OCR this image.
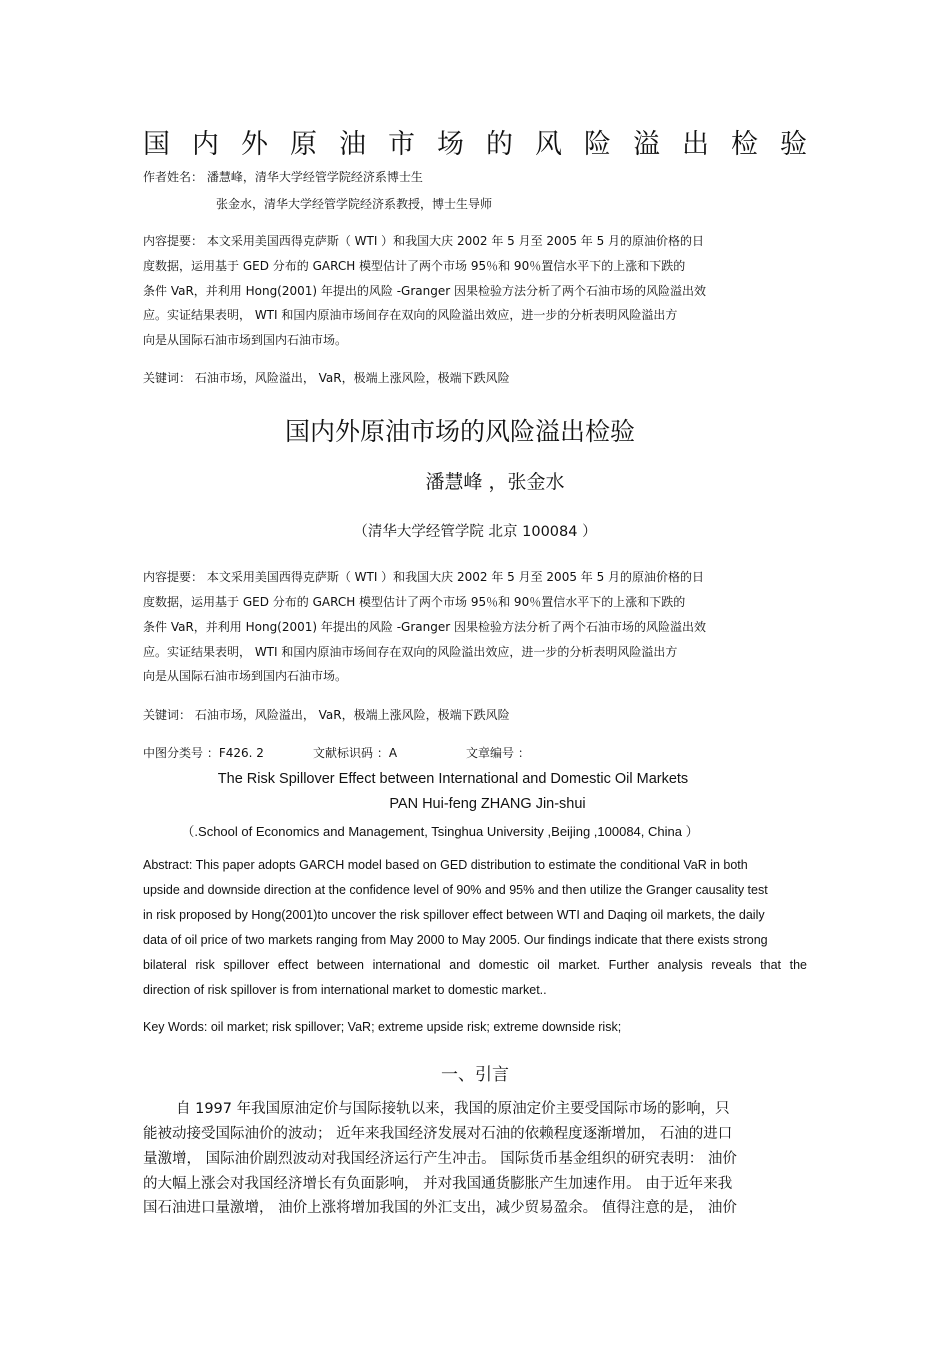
国 内 外 原 油 市 场 的 风 险 溢 出 检 验
作者姓名： 潘慧峰，清华大学经管学院经济系博士生
张金水，清华大学经管学院经济系教授，博士生导师
内容提要： 本文采用美国西得克萨斯（ WTI ）和我国大庆 2002 年 5 月至 2005 年 5 月的原油价格的日
度数据，运用基于 GED 分布的 GARCH 模型估计了两个市场 95％和 90％置信水平下的上涨和下跌的
条件 VaR，并利用 Hong(2001) 年提出的风险 -Granger 因果检验方法分析了两个石油市场的风险溢出效
应。实证结果表明， WTI 和国内原油市场间存在双向的风险溢出效应，进一步的分析表明风险溢出方
向是从国际石油市场到国内石油市场。
关键词： 石油市场，风险溢出， VaR，极端上涨风险，极端下跌风险
国内外原油市场的风险溢出检验
潘慧峰 ，张金水
（清华大学经管学院 北京 100084 ）
内容提要： 本文采用美国西得克萨斯（ WTI ）和我国大庆 2002 年 5 月至 2005 年 5 月的原油价格的日
度数据，运用基于 GED 分布的 GARCH 模型估计了两个市场 95％和 90％置信水平下的上涨和下跌的
条件 VaR，并利用 Hong(2001) 年提出的风险 -Granger 因果检验方法分析了两个石油市场的风险溢出效
应。实证结果表明， WTI 和国内原油市场间存在双向的风险溢出效应，进一步的分析表明风险溢出方
向是从国际石油市场到国内石油市场。
关键词： 石油市场，风险溢出， VaR，极端上涨风险，极端下跌风险
中图分类号 ：F426. 2	文献标识码 ：A	文章编号 ：
The Risk Spillover Effect between International and Domestic Oil Markets
PAN Hui-feng ZHANG Jin-shui
（.School of Economics and Management, Tsinghua University ,Beijing ,100084, China ）
Abstract: This paper adopts GARCH model based on GED distribution to estimate the conditional VaR in both
upside and downside direction at the confidence level of 90% and 95% and then utilize the Granger causality test
in risk proposed by Hong(2001)to uncover the risk spillover effect between WTI and Daqing oil markets, the daily
data of oil price of two markets ranging from May 2000 to May 2005. Our findings indicate that there exists strong
bilateral risk spillover effect between international and domestic oil market. Further analysis reveals that the
direction of risk spillover is from international market to domestic market..
Key Words: oil market; risk spillover; VaR; extreme upside risk; extreme downside risk;
一、引言
自 1997 年我国原油定价与国际接轨以来，我国的原油定价主要受国际市场的影响，只
能被动接受国际油价的波动； 近年来我国经济发展对石油的依赖程度逐渐增加， 石油的进口
量激增， 国际油价剧烈波动对我国经济运行产生冲击。 国际货币基金组织的研究表明： 油价
的大幅上涨会对我国经济增长有负面影响， 并对我国通货膨胀产生加速作用。 由于近年来我
国石油进口量激增， 油价上涨将增加我国的外汇支出，减少贸易盈余。 值得注意的是， 油价
